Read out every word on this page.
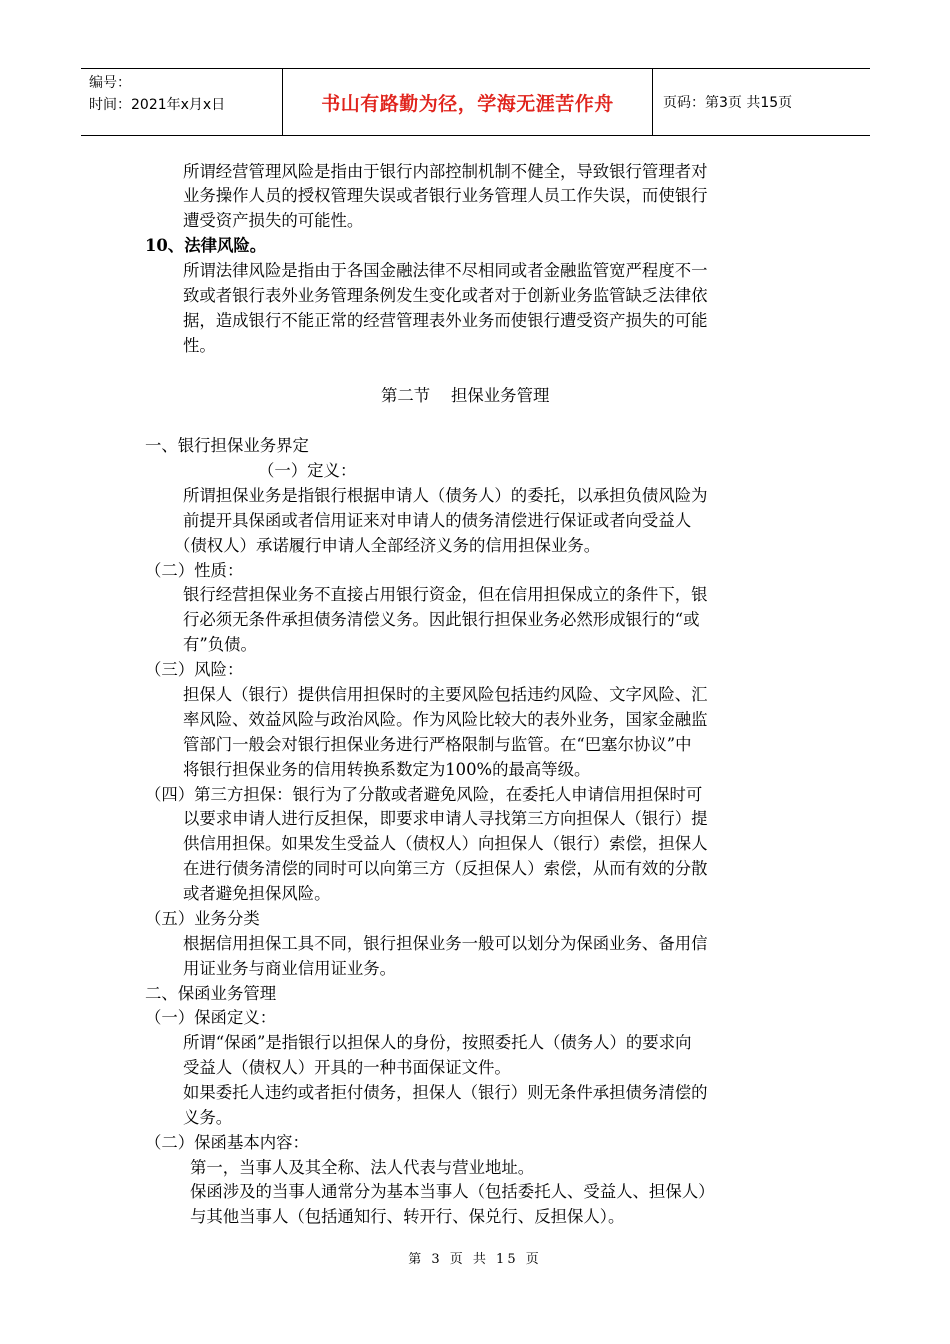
编号：
时间：2021年x月x日	书山有路勤为径，学海无涯苦作舟	页码：第3页 共15页
所谓经营管理风险是指由于银行内部控制机制不健全，导致银行管理者对
业务操作人员的授权管理失误或者银行业务管理人员工作失误，而使银行
遭受资产损失的可能性。
10、法律风险。
所谓法律风险是指由于各国金融法律不尽相同或者金融监管宽严程度不一
致或者银行表外业务管理条例发生变化或者对于创新业务监管缺乏法律依
据，造成银行不能正常的经营管理表外业务而使银行遭受资产损失的可能
性。
第二节    担保业务管理
一、银行担保业务界定
（一）定义：
所谓担保业务是指银行根据申请人（债务人）的委托，以承担负债风险为
前提开具保函或者信用证来对申请人的债务清偿进行保证或者向受益人
（债权人）承诺履行申请人全部经济义务的信用担保业务。
（二）性质：
银行经营担保业务不直接占用银行资金，但在信用担保成立的条件下，银
行必须无条件承担债务清偿义务。因此银行担保业务必然形成银行的“或
有”负债。
（三）风险：
担保人（银行）提供信用担保时的主要风险包括违约风险、文字风险、汇
率风险、效益风险与政治风险。作为风险比较大的表外业务，国家金融监
管部门一般会对银行担保业务进行严格限制与监管。在“巴塞尔协议”中
将银行担保业务的信用转换系数定为100%的最高等级。
（四）第三方担保：银行为了分散或者避免风险，在委托人申请信用担保时可
以要求申请人进行反担保，即要求申请人寻找第三方向担保人（银行）提
供信用担保。如果发生受益人（债权人）向担保人（银行）索偿，担保人
在进行债务清偿的同时可以向第三方（反担保人）索偿，从而有效的分散
或者避免担保风险。
（五）业务分类
根据信用担保工具不同，银行担保业务一般可以划分为保函业务、备用信
用证业务与商业信用证业务。
二、保函业务管理
（一）保函定义：
所谓“保函”是指银行以担保人的身份，按照委托人（债务人）的要求向
受益人（债权人）开具的一种书面保证文件。
如果委托人违约或者拒付债务，担保人（银行）则无条件承担债务清偿的
义务。
（二）保函基本内容：
第一，当事人及其全称、法人代表与营业地址。
保函涉及的当事人通常分为基本当事人（包括委托人、受益人、担保人）
与其他当事人（包括通知行、转开行、保兑行、反担保人）。
第 3 页 共 15 页
